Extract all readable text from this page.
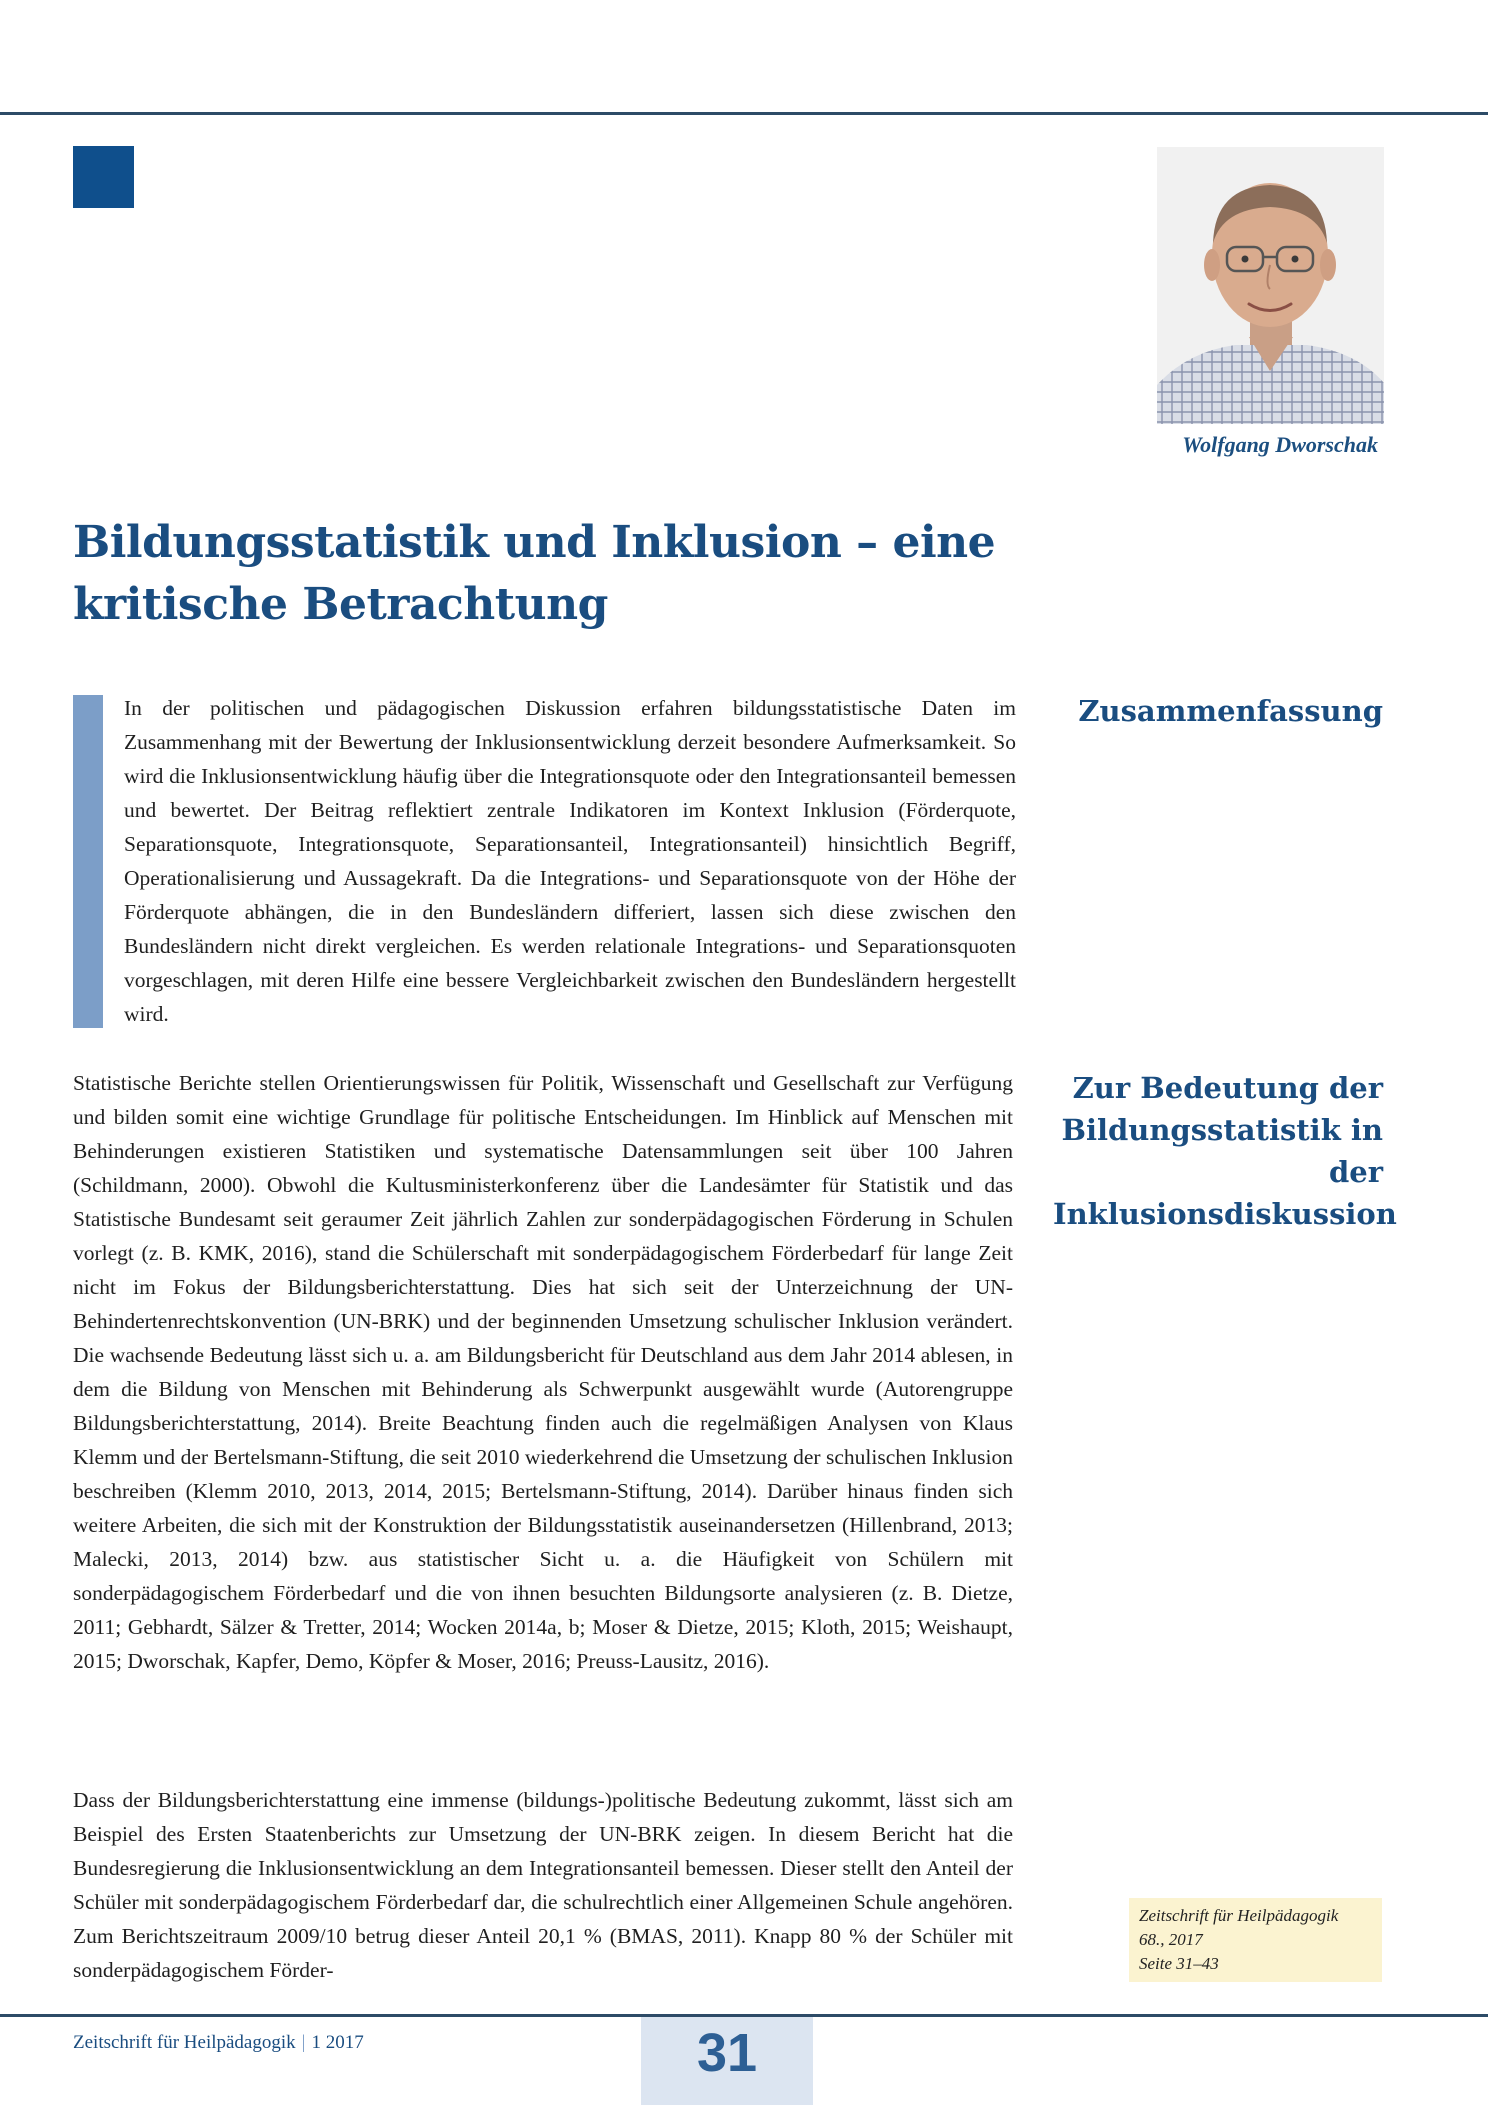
Wolfgang Dworschak
Bildungsstatistik und Inklusion – eine kritische Betrachtung

In der politischen und pädagogischen Diskussion erfahren bildungsstatistische Daten im Zusammenhang mit der Bewertung der Inklusionsentwicklung derzeit besondere Aufmerksamkeit. So wird die Inklusionsentwicklung häufig über die Integrationsquote oder den Integrationsanteil bemessen und bewertet. Der Beitrag reflektiert zentrale Indikatoren im Kontext Inklusion (Förderquote, Separationsquote, Integrationsquote, Separationsanteil, Integrationsanteil) hinsichtlich Begriff, Operationalisierung und Aussagekraft. Da die Integrations- und Separationsquote von der Höhe der Förderquote abhängen, die in den Bundesländern differiert, lassen sich diese zwischen den Bundesländern nicht direkt vergleichen. Es werden relationale Integrations- und Separationsquoten vorgeschlagen, mit deren Hilfe eine bessere Vergleichbarkeit zwischen den Bundesländern hergestellt wird.

Zusammenfassung
Zur Bedeutung der Bildungsstatistik in der Inklusionsdiskussion

Statistische Berichte stellen Orientierungswissen für Politik, Wissenschaft und Gesellschaft zur Verfügung und bilden somit eine wichtige Grundlage für politische Entscheidungen. Im Hinblick auf Menschen mit Behinderungen existieren Statistiken und systematische Datensammlungen seit über 100 Jahren (Schildmann, 2000). Obwohl die Kultusministerkonferenz über die Landesämter für Statistik und das Statistische Bundesamt seit geraumer Zeit jährlich Zahlen zur sonderpädagogischen Förderung in Schulen vorlegt (z. B. KMK, 2016), stand die Schülerschaft mit sonderpädagogischem Förderbedarf für lange Zeit nicht im Fokus der Bildungsberichterstattung. Dies hat sich seit der Unterzeichnung der UN-Behindertenrechtskonvention (UN-BRK) und der beginnenden Umsetzung schulischer Inklusion verändert. Die wachsende Bedeutung lässt sich u. a. am Bildungsbericht für Deutschland aus dem Jahr 2014 ablesen, in dem die Bildung von Menschen mit Behinderung als Schwerpunkt ausgewählt wurde (Autorengruppe Bildungsberichterstattung, 2014). Breite Beachtung finden auch die regelmäßigen Analysen von Klaus Klemm und der Bertelsmann-Stiftung, die seit 2010 wiederkehrend die Umsetzung der schulischen Inklusion beschreiben (Klemm 2010, 2013, 2014, 2015; Bertelsmann-Stiftung, 2014). Darüber hinaus finden sich weitere Arbeiten, die sich mit der Konstruktion der Bildungsstatistik auseinandersetzen (Hillenbrand, 2013; Malecki, 2013, 2014) bzw. aus statistischer Sicht u. a. die Häufigkeit von Schülern mit sonderpädagogischem Förderbedarf und die von ihnen besuchten Bildungsorte analysieren (z. B. Dietze, 2011; Gebhardt, Sälzer & Tretter, 2014; Wocken 2014a, b; Moser & Dietze, 2015; Kloth, 2015; Weishaupt, 2015; Dworschak, Kapfer, Demo, Köpfer & Moser, 2016; Preuss-Lausitz, 2016).

Dass der Bildungsberichterstattung eine immense (bildungs-)politische Bedeutung zukommt, lässt sich am Beispiel des Ersten Staatenberichts zur Umsetzung der UN-BRK zeigen. In diesem Bericht hat die Bundesregierung die Inklusionsentwicklung an dem Integrationsanteil bemessen. Dieser stellt den Anteil der Schüler mit sonderpädagogischem Förderbedarf dar, die schulrechtlich einer Allgemeinen Schule angehören. Zum Berichtszeitraum 2009/10 betrug dieser Anteil 20,1 % (BMAS, 2011). Knapp 80 % der Schüler mit sonderpädagogischem Förder-

Zeitschrift für Heilpädagogik
68., 2017
Seite 31–43
Zeitschrift für Heilpädagogik | 1 2017	31
